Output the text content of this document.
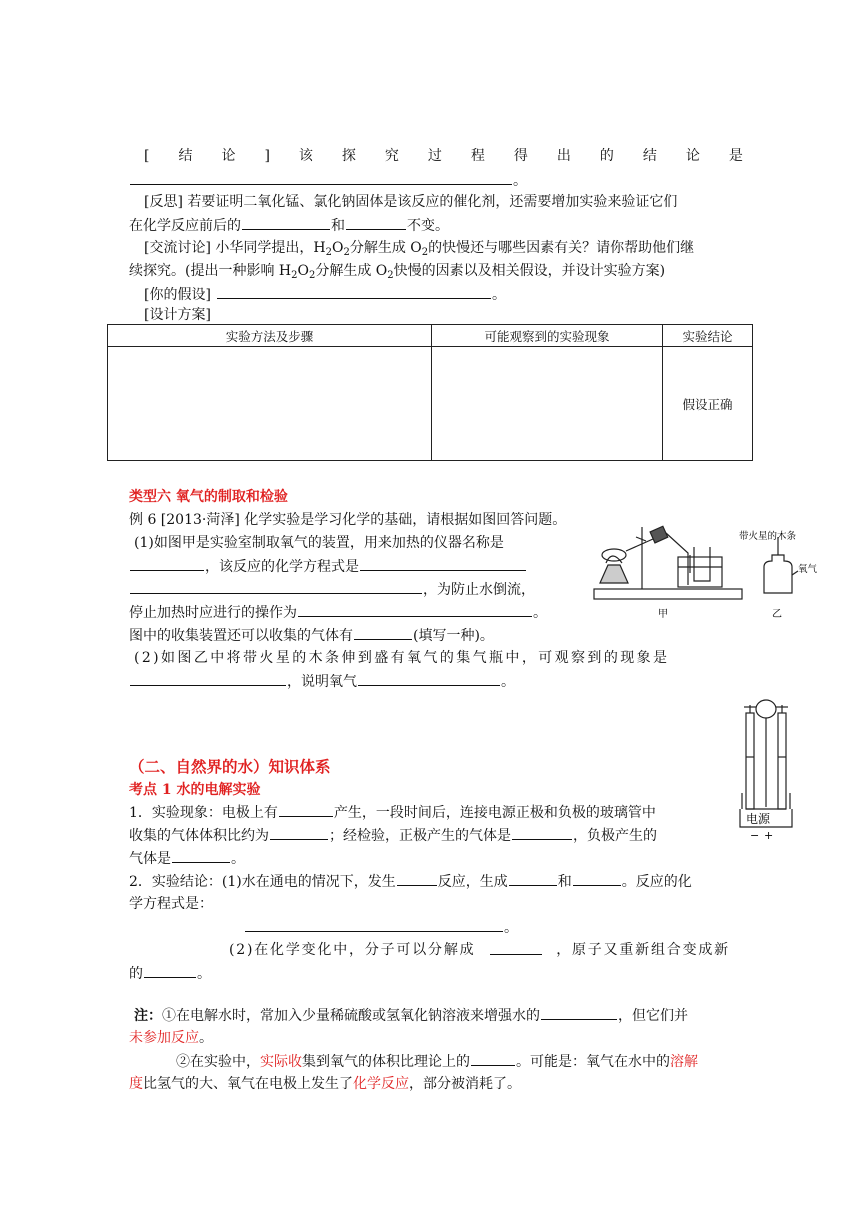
[结论]该探究过程得出的结论是
。
[反思] 若要证明二氧化锰、氯化钠固体是该反应的催化剂，还需要增加实验来验证它们
在化学反应前后的	和	不变。
[交流讨论] 小华同学提出，$H_2O_2$分解生成 $O_2$的快慢还与哪些因素有关？请你帮助他们继
续探究。(提出一种影响 $H_2O_2$分解生成 $O_2$快慢的因素以及相关假设，并设计实验方案)
[你的假设]	。
[设计方案]
实验方法及步骤	可能观察到的实验现象	实验结论
		假设正确
类型六 氧气的制取和检验
例 6 [2013·菏泽] 化学实验是学习化学的基础，请根据如图回答问题。
(1)如图甲是实验室制取氧气的装置，用来加热的仪器名称是
，该反应的化学方程式是
，为防止水倒流，
停止加热时应进行的操作为	。
图中的收集装置还可以收集的气体有	(填写一种)。
(2)如图乙中将带火星的木条伸到盛有氧气的集气瓶中，可观察到的现象是
，说明氧气	。
甲
带火星的木条
氧气
乙
（二、自然界的水）知识体系
考点 1 水的电解实验
1．实验现象：电极上有	产生，一段时间后，连接电源正极和负极的玻璃管中
收集的气体体积比约为	；经检验，正极产生的气体是	，负极产生的
气体是	。
2．实验结论：(1)水在通电的情况下，发生	反应，生成	和	。反应的化
学方程式是：
。
(2)在化学变化中，分子可以分解成	，原子又重新组合变成新
的	。
电源
− +
注：①在电解水时，常加入少量稀硫酸或氢氧化钠溶液来增强水的	，但它们并
未参加反应。
②在实验中，实际收集到氧气的体积比理论上的	。可能是：氧气在水中的溶解
度比氢气的大、氧气在电极上发生了化学反应，部分被消耗了。
